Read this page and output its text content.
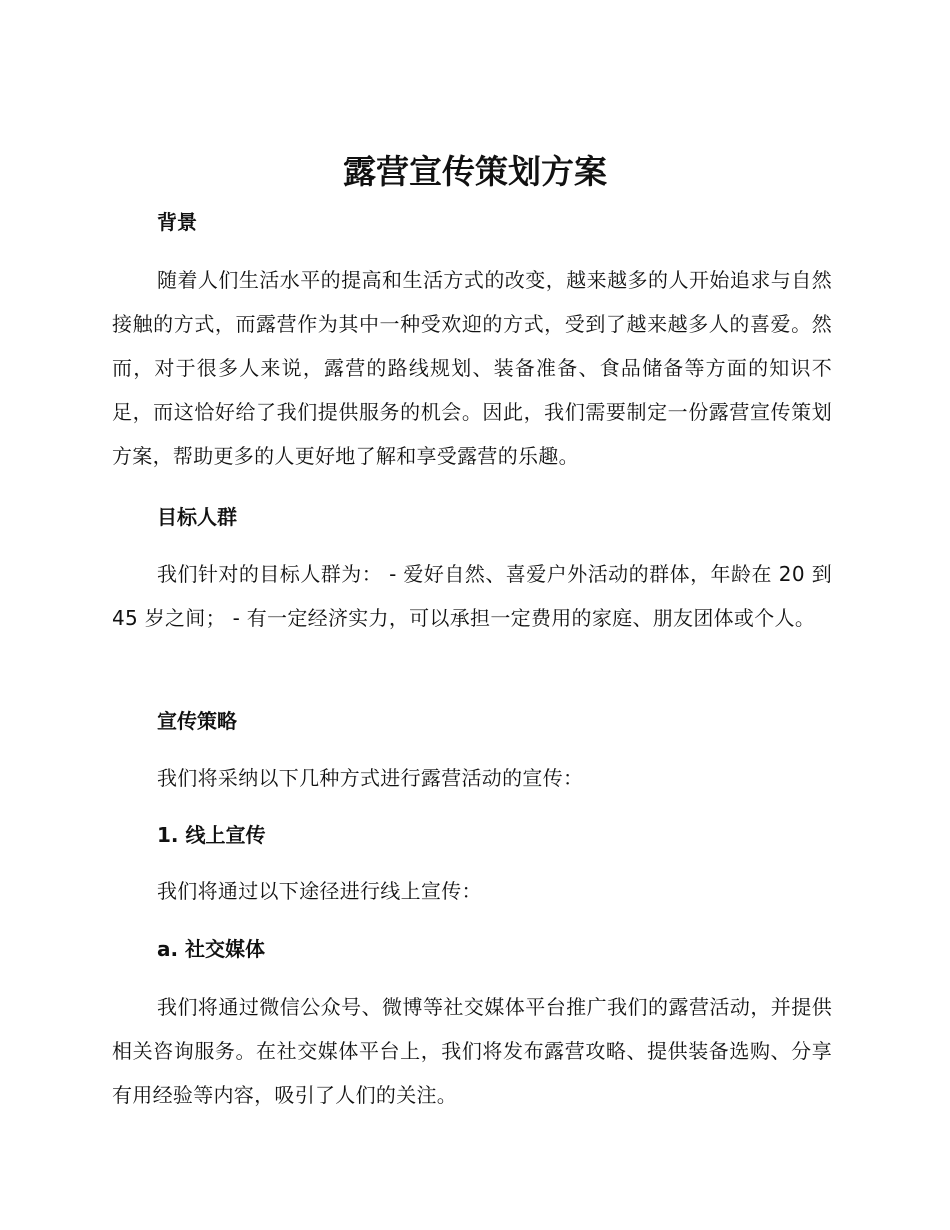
露营宣传策划方案
背景

随着人们生活水平的提高和生活方式的改变，越来越多的人开始追求与自然接触的方式，而露营作为其中一种受欢迎的方式，受到了越来越多人的喜爱。然而，对于很多人来说，露营的路线规划、装备准备、食品储备等方面的知识不足，而这恰好给了我们提供服务的机会。因此，我们需要制定一份露营宣传策划方案，帮助更多的人更好地了解和享受露营的乐趣。

目标人群

我们针对的目标人群为： - 爱好自然、喜爱户外活动的群体，年龄在 20 到 45 岁之间； - 有一定经济实力，可以承担一定费用的家庭、朋友团体或个人。

宣传策略

我们将采纳以下几种方式进行露营活动的宣传：

1. 线上宣传

我们将通过以下途径进行线上宣传：

a. 社交媒体

我们将通过微信公众号、微博等社交媒体平台推广我们的露营活动，并提供相关咨询服务。在社交媒体平台上，我们将发布露营攻略、提供装备选购、分享有用经验等内容，吸引了人们的关注。
